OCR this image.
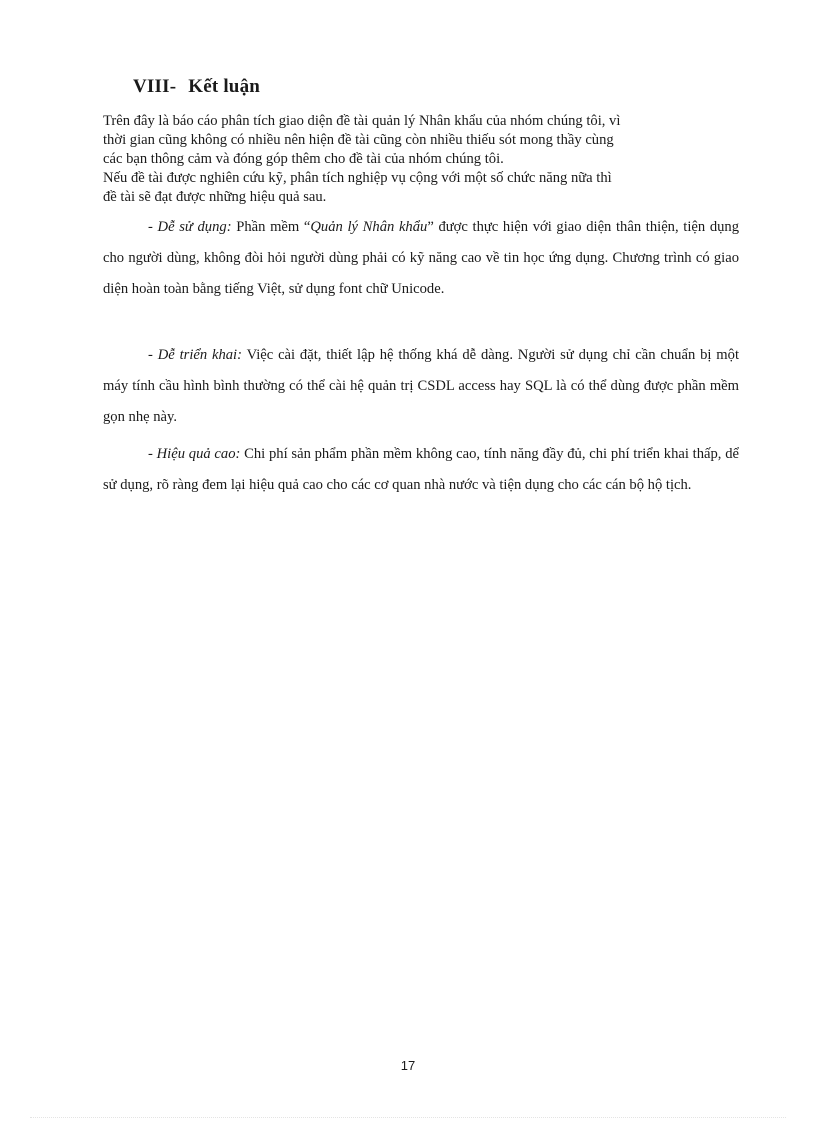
VIII- Kết luận
Trên đây là báo cáo phân tích giao diện đề tài quản lý Nhân khẩu của nhóm chúng tôi, vì
thời gian cũng không có nhiều nên hiện đề tài cũng còn nhiều thiếu sót mong thầy cùng
các bạn thông cảm và đóng góp thêm cho đề tài của nhóm chúng tôi.
Nếu đề tài được nghiên cứu kỹ, phân tích nghiệp vụ cộng với một số chức năng nữa thì
đề tài sẽ đạt được những hiệu quả sau.
- Dễ sử dụng: Phần mềm “Quản lý Nhân khẩu” được thực hiện với giao diện thân thiện, tiện dụng cho người dùng, không đòi hỏi người dùng phải có kỹ năng cao về tin học ứng dụng. Chương trình có giao diện hoàn toàn bằng tiếng Việt, sử dụng font chữ Unicode.
- Dễ triển khai: Việc cài đặt, thiết lập hệ thống khá dễ dàng. Người sử dụng chỉ cần chuẩn bị một máy tính cầu hình bình thường có thể cài hệ quản trị CSDL access hay SQL là có thể dùng được phần mềm gọn nhẹ này.
- Hiệu quả cao: Chi phí sản phẩm phần mềm không cao, tính năng đầy đủ, chi phí triển khai thấp, dể sử dụng, rõ ràng đem lại hiệu quả cao cho các cơ quan nhà nước và tiện dụng cho các cán bộ hộ tịch.
17
